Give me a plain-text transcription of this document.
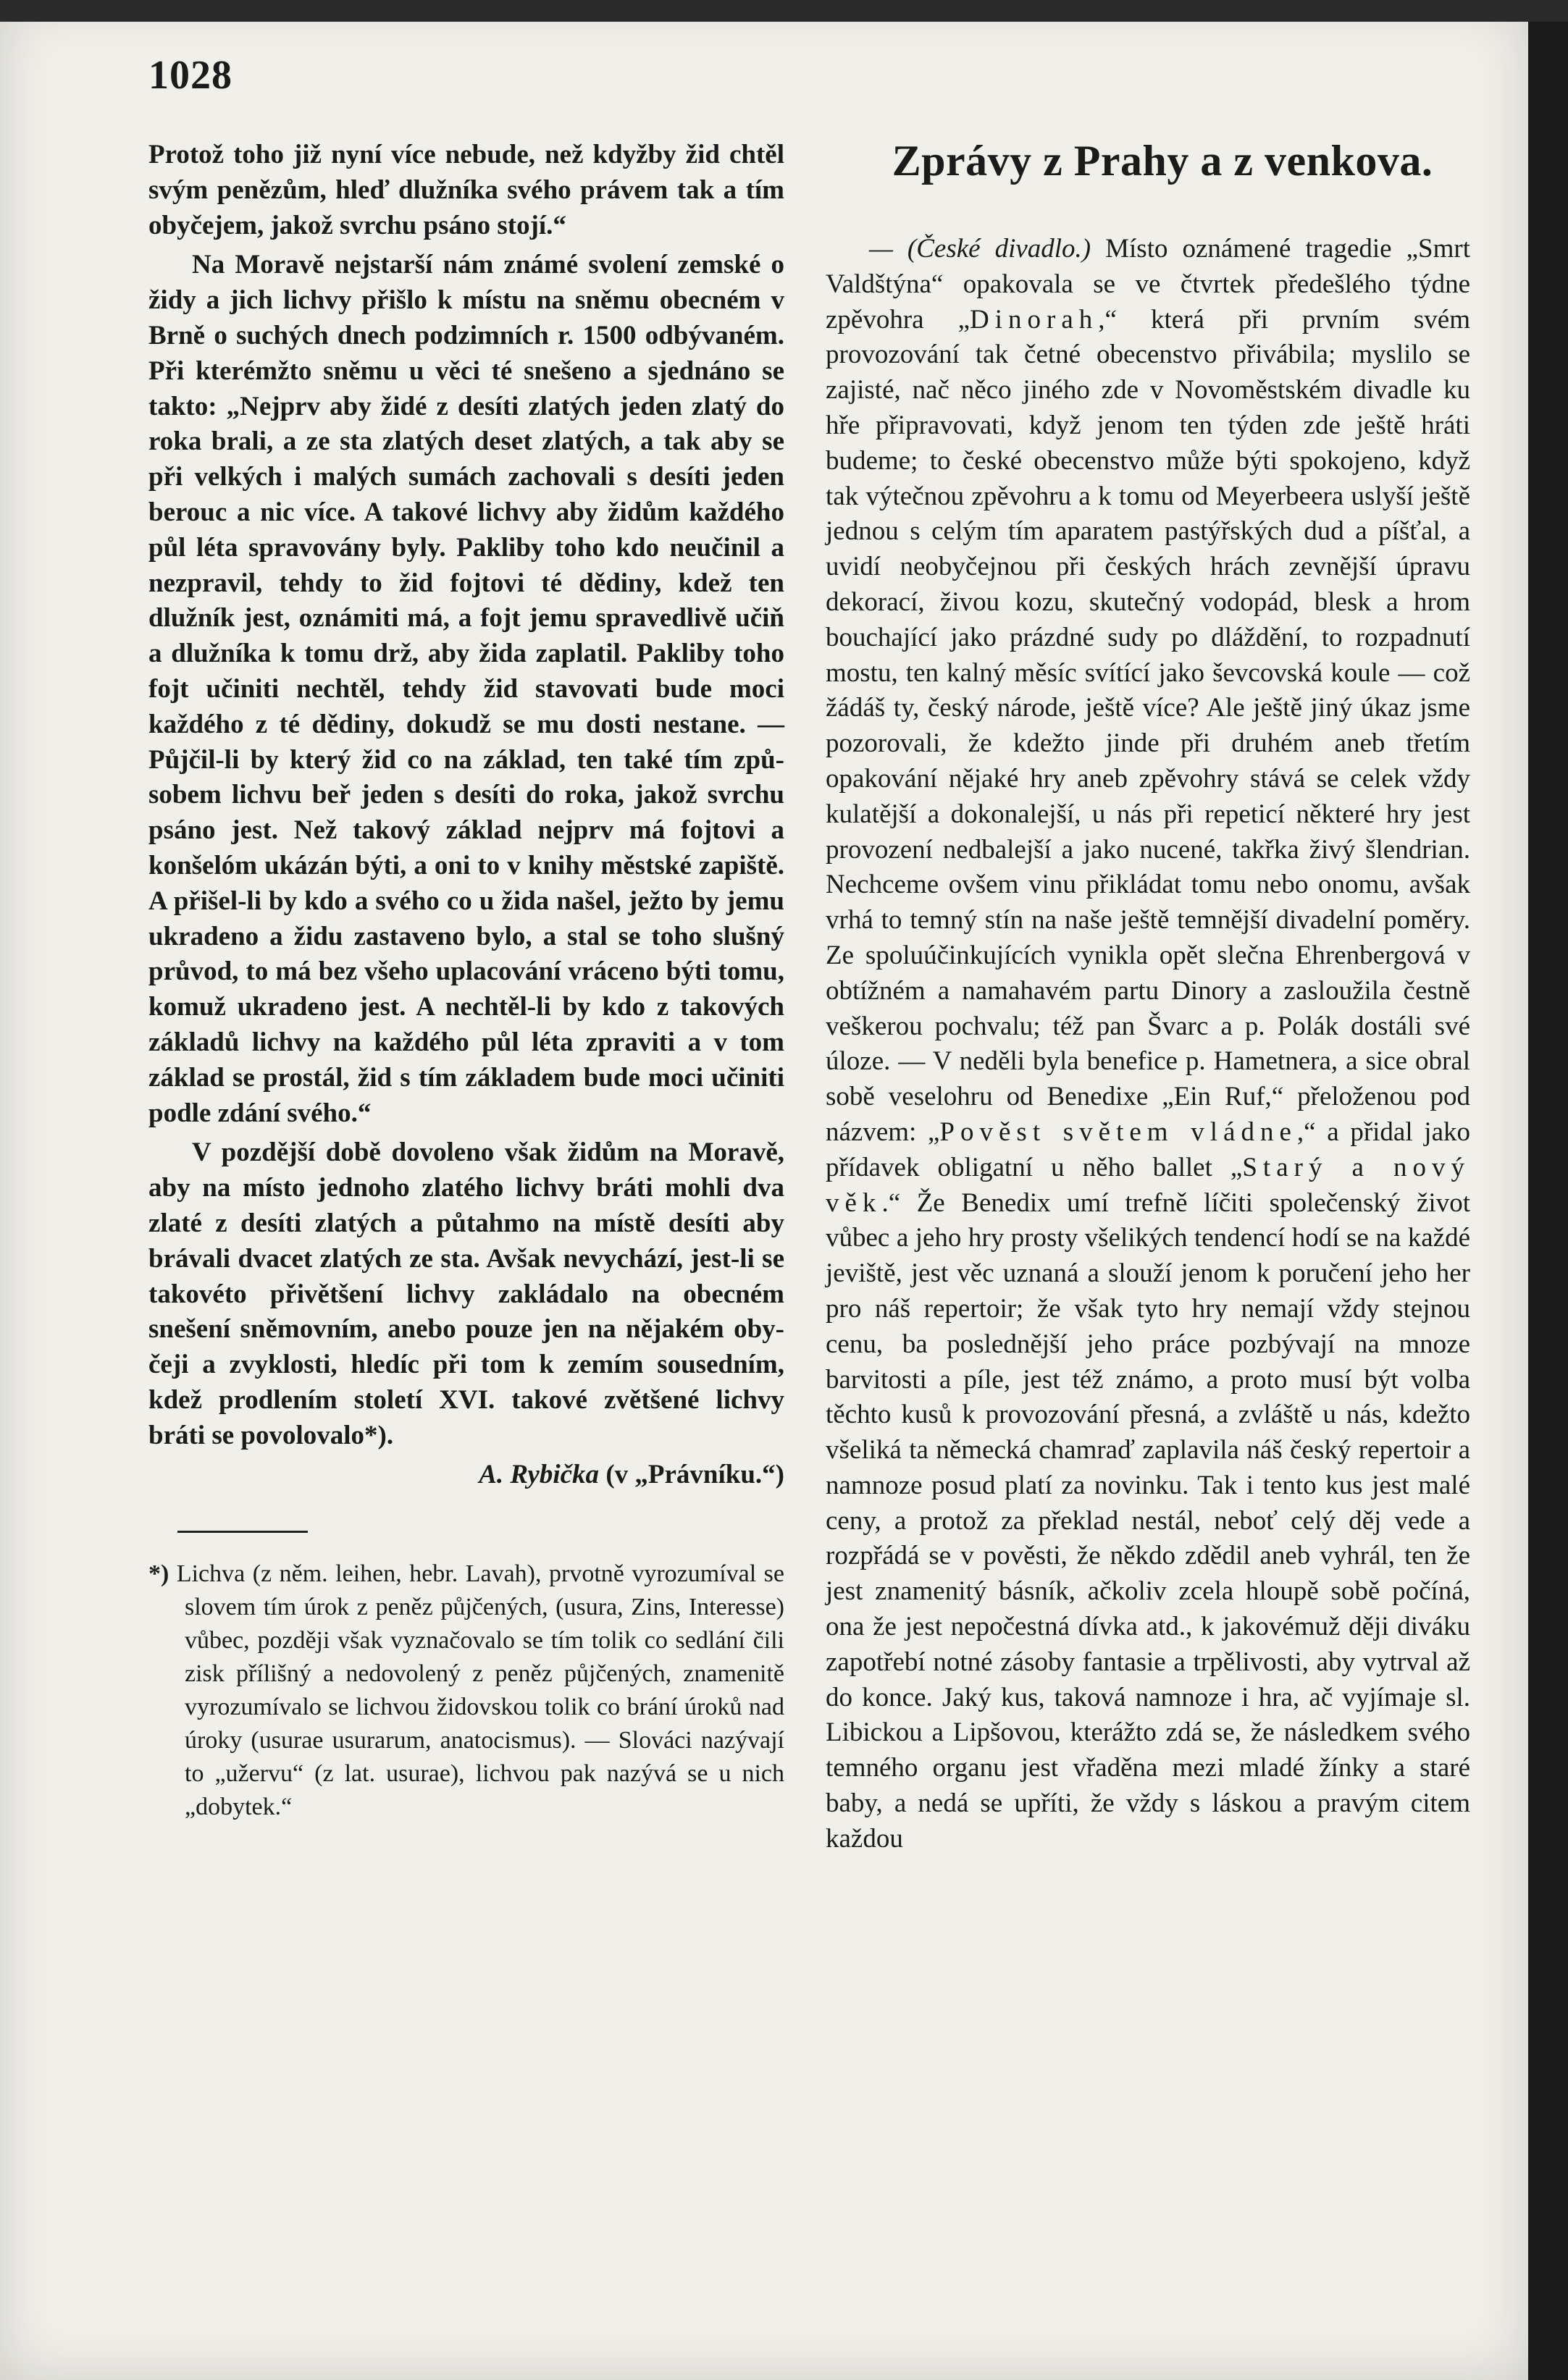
1028

Protož toho již nyní více nebude, než kdyžby žid chtěl svým penězům, hleď dlužníka svého právem tak a tím obyčejem, jakož svrchu psáno stojí.“

Na Moravě nejstarší nám známé svolení zemské o židy a jich lichvy přišlo k místu na sněmu obecném v Brně o suchých dnech podzimních r. 1500 odbývaném. Při kterémžto sněmu u věci té snešeno a sjednáno se takto: „Nejprv aby židé z desíti zlatých jeden zlatý do roka brali, a ze sta zlatých deset zlatých, a tak aby se při velkých i malých sumách zachovali s desíti jeden berouc a nic více. A takové lichvy aby židům každého půl léta spravovány byly. Pakliby toho kdo neučinil a nezpravil, tehdy to žid fojtovi té dědiny, kdež ten dlužník jest, oznámiti má, a fojt jemu spravedlivě učiň a dlužníka k tomu drž, aby žida zaplatil. Pakliby toho fojt učiniti nechtěl, tehdy žid stavovati bude moci každého z té dědiny, dokudž se mu dosti nestane. — Půjčil-li by který žid co na základ, ten také tím způsobem lichvu beř jeden s desíti do roka, jakož svrchu psáno jest. Než takový základ nejprv má fojtovi a konšelóm ukázán býti, a oni to v knihy městské zapiště. A přišel-li by kdo a svého co u žida našel, ježto by jemu ukradeno a židu zastaveno bylo, a stal se toho slušný průvod, to má bez všeho uplacování vráceno býti tomu, komuž ukradeno jest. A nechtěl-li by kdo z takových základů lichvy na každého půl léta zpraviti a v tom základ se prostál, žid s tím základem bude moci učiniti podle zdání svého.“

V pozdější době dovoleno však židům na Moravě, aby na místo jednoho zlatého lichvy bráti mohli dva zlaté z desíti zlatých a půtahmo na místě desíti aby brávali dvacet zlatých ze sta. Avšak nevychází, jest-li se takovéto přivětšení lichvy zakládalo na obecném snešení sněmovním, anebo pouze jen na nějakém obyčeji a zvyklosti, hledíc při tom k zemím sousedním, kdež prodlením století XVI. takové zvětšené lichvy bráti se povolovalo*).

A. Rybička (v „Právníku.“)
*) Lichva (z něm. leihen, hebr. Lavah), prvotně vyrozumíval se slovem tím úrok z peněz půjčených, (usura, Zins, Interesse) vůbec, později však vyznačovalo se tím tolik co sedlání čili zisk přílišný a nedovolený z peněz půjčených, znamenitě vyrozumívalo se lichvou židovskou tolik co brání úroků nad úroky (usurae usurarum, anatocismus). — Slováci nazývají to „užervu“ (z lat. usurae), lichvou pak nazývá se u nich „dobytek.“
Zprávy z Prahy a z venkova.

— (České divadlo.) Místo oznámené tragedie „Smrt Valdštýna“ opakovala se ve čtvrtek předešlého týdne zpěvohra „Dinorah,“ která při prvním svém provozování tak četné obecenstvo přivábila; myslilo se zajisté, nač něco jiného zde v Novoměstském divadle ku hře připravovati, když jenom ten týden zde ještě hráti budeme; to české obecenstvo může býti spokojeno, když tak výtečnou zpěvohru a k tomu od Meyerbeera uslyší ještě jednou s celým tím aparatem pastýřských dud a píšťal, a uvidí neobyčejnou při českých hrách zevnější úpravu dekorací, živou kozu, skutečný vodopád, blesk a hrom bouchající jako prázdné sudy po dláždění, to rozpadnutí mostu, ten kalný měsíc svítící jako ševcovská koule — což žádáš ty, český národe, ještě více? Ale ještě jiný úkaz jsme pozorovali, že kdežto jinde při druhém aneb třetím opakování nějaké hry aneb zpěvohry stává se celek vždy kulatější a dokonalejší, u nás při repeticí některé hry jest provození nedbalejší a jako nucené, takřka živý šlendrian. Nechceme ovšem vinu přikládat tomu nebo onomu, avšak vrhá to temný stín na naše ještě temnější divadelní poměry. Ze spoluúčinkujících vynikla opět slečna Ehrenbergová v obtížném a namahavém partu Dinory a zasloužila čestně veškerou pochvalu; též pan Švarc a p. Polák dostáli své úloze. — V neděli byla benefice p. Hametnera, a sice obral sobě veselohru od Benedixe „Ein Ruf,“ přeloženou pod názvem: „Pověst světem vládne,“ a přidal jako přídavek obligatní u něho ballet „Starý a nový věk.“ Že Benedix umí trefně líčiti společenský život vůbec a jeho hry prosty všelikých tendencí hodí se na každé jeviště, jest věc uznaná a slouží jenom k poručení jeho her pro náš repertoir; že však tyto hry nemají vždy stejnou cenu, ba poslednější jeho práce pozbývají na mnoze barvitosti a píle, jest též známo, a proto musí být volba těchto kusů k provozování přesná, a zvláště u nás, kdežto všeliká ta německá chamraď zaplavila náš český repertoir a namnoze posud platí za novinku. Tak i tento kus jest malé ceny, a protož za překlad nestál, neboť celý děj vede a rozpřádá se v pověsti, že někdo zdědil aneb vyhrál, ten že jest znamenitý básník, ačkoliv zcela hloupě sobě počíná, ona že jest nepočestná dívka atd., k jakovémuž ději diváku zapotřebí notné zásoby fantasie a trpělivosti, aby vytrval až do konce. Jaký kus, taková namnoze i hra, ač vyjímaje sl. Libickou a Lipšovou, kterážto zdá se, že následkem svého temného organu jest vřaděna mezi mladé žínky a staré baby, a nedá se upříti, že vždy s láskou a pravým citem každou
